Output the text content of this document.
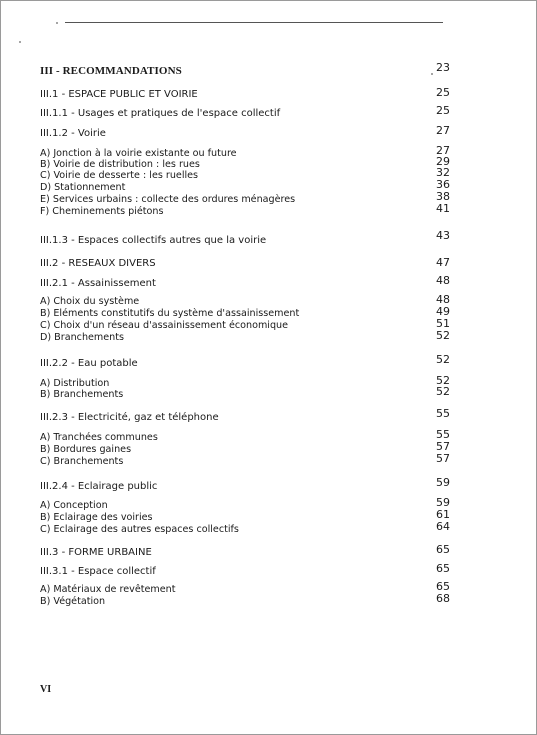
III - RECOMMANDATIONS	23
III.1 - ESPACE PUBLIC ET VOIRIE	25
III.1.1 - Usages et pratiques de l'espace collectif	25
III.1.2 - Voirie	27
A) Jonction à la voirie existante ou future	27
B) Voirie de distribution : les rues	29
C) Voirie de desserte : les ruelles	32
D) Stationnement	36
E) Services urbains : collecte des ordures ménagères	38
F) Cheminements piétons	41
III.1.3 - Espaces collectifs autres que la voirie	43
III.2 - RESEAUX DIVERS	47
III.2.1 - Assainissement	48
A) Choix du système	48
B) Eléments constitutifs du système d'assainissement	49
C) Choix d'un réseau d'assainissement économique	51
D) Branchements	52
III.2.2 - Eau potable	52
A) Distribution	52
B) Branchements	52
III.2.3 - Electricité, gaz et téléphone	55
A) Tranchées communes	55
B) Bordures gaines	57
C) Branchements	57
III.2.4 - Eclairage public	59
A) Conception	59
B) Eclairage des voiries	61
C) Eclairage des autres espaces collectifs	64
III.3 - FORME URBAINE	65
III.3.1 - Espace collectif	65
A) Matériaux de revêtement	65
B) Végétation	68
VI
